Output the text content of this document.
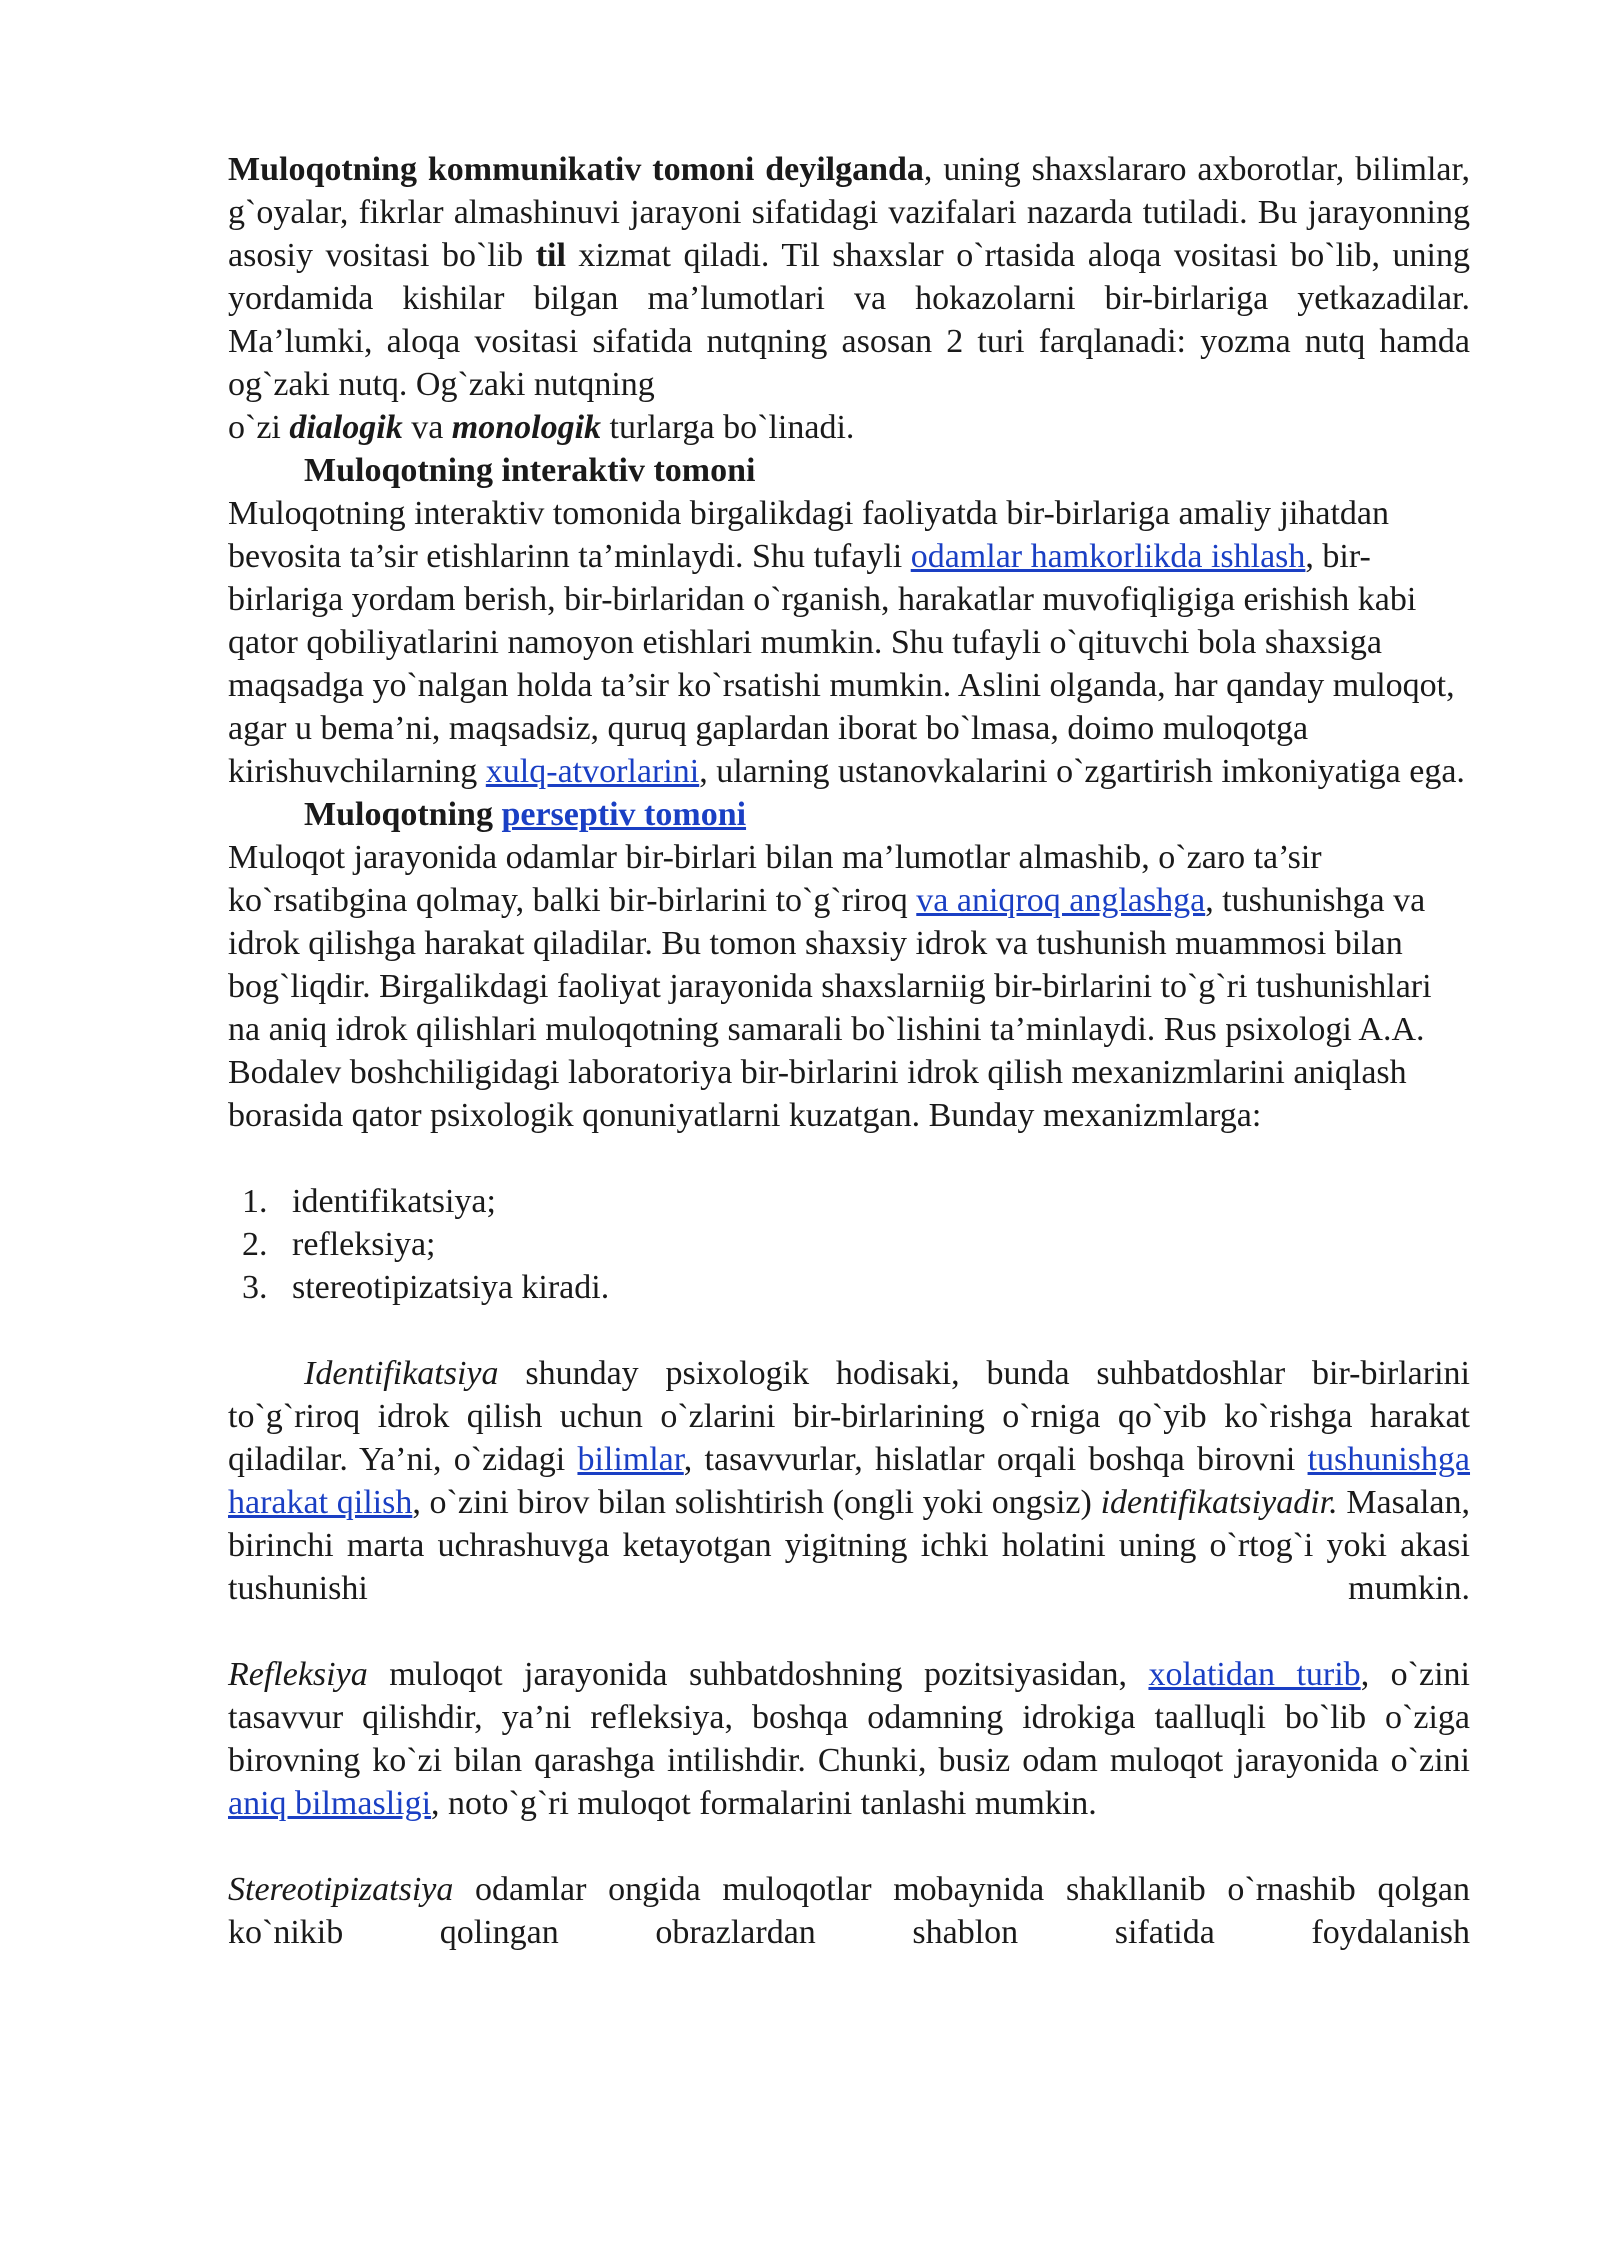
Muloqotning kommunikativ tomoni deyilganda, uning shaxslararo axborotlar, bilimlar, g`oyalar, fikrlar almashinuvi jarayoni sifatidagi vazifalari nazarda tutiladi. Bu jarayonning asosiy vositasi bo`lib til xizmat qiladi. Til shaxslar o`rtasida aloqa vositasi bo`lib, uning yordamida kishilar bilgan ma’lumotlari va hokazolarni bir-birlariga yetkazadilar. Ma’lumki, aloqa vositasi sifatida nutqning asosan 2 turi farqlanadi: yozma nutq hamda og`zaki nutq. Og`zaki nutqning

o`zi dialogik va monologik turlarga bo`linadi.

Muloqotning interaktiv tomoni

Muloqotning interaktiv tomonida birgalikdagi faoliyatda bir-birlariga amaliy jihatdan bevosita ta’sir etishlarinn ta’minlaydi. Shu tufayli odamlar hamkorlikda ishlash, bir-birlariga yordam berish, bir-birlaridan o`rganish, harakatlar muvofiqligiga erishish kabi qator qobiliyatlarini namoyon etishlari mumkin. Shu tufayli o`qituvchi bola shaxsiga maqsadga yo`nalgan holda ta’sir ko`rsatishi mumkin. Aslini olganda, har qanday muloqot, agar u bema’ni, maqsadsiz, quruq gaplardan iborat bo`lmasa, doimo muloqotga kirishuvchilarning xulq-atvorlarini, ularning ustanovkalarini o`zgartirish imkoniyatiga ega.

Muloqotning perseptiv tomoni

Muloqot jarayonida odamlar bir-birlari bilan ma’lumotlar almashib, o`zaro ta’sir ko`rsatibgina qolmay, balki bir-birlarini to`g`riroq va aniqroq anglashga, tushunishga va idrok qilishga harakat qiladilar. Bu tomon shaxsiy idrok va tushunish muammosi bilan bog`liqdir. Birgalikdagi faoliyat jarayonida shaxslarniig bir-birlarini to`g`ri tushunishlari na aniq idrok qilishlari muloqotning samarali bo`lishini ta’minlaydi. Rus psixologi A.A. Bodalev boshchiligidagi laboratoriya bir-birlarini idrok qilish mexanizmlarini aniqlash borasida qator psixologik qonuniyatlarni kuzatgan. Bunday mexanizmlarga:

1. identifikatsiya;
2. refleksiya;
3. stereotipizatsiya kiradi.

Identifikatsiya shunday psixologik hodisaki, bunda suhbatdoshlar bir-birlarini to`g`riroq idrok qilish uchun o`zlarini bir-birlarining o`rniga qo`yib ko`rishga harakat qiladilar. Ya’ni, o`zidagi bilimlar, tasavvurlar, hislatlar orqali boshqa birovni tushunishga harakat qilish, o`zini birov bilan solishtirish (ongli yoki ongsiz) identifikatsiyadir. Masalan, birinchi marta uchrashuvga ketayotgan yigitning ichki holatini uning o`rtog`i yoki akasi tushunishi mumkin.

Refleksiya muloqot jarayonida suhbatdoshning pozitsiyasidan, xolatidan turib, o`zini tasavvur qilishdir, ya’ni refleksiya, boshqa odamning idrokiga taalluqli bo`lib o`ziga birovning ko`zi bilan qarashga intilishdir. Chunki, busiz odam muloqot jarayonida o`zini aniq bilmasligi, noto`g`ri muloqot formalarini tanlashi mumkin.

Stereotipizatsiya odamlar ongida muloqotlar mobaynida shakllanib o`rnashib qolgan ko`nikib qolingan obrazlardan shablon sifatida foydalanish
